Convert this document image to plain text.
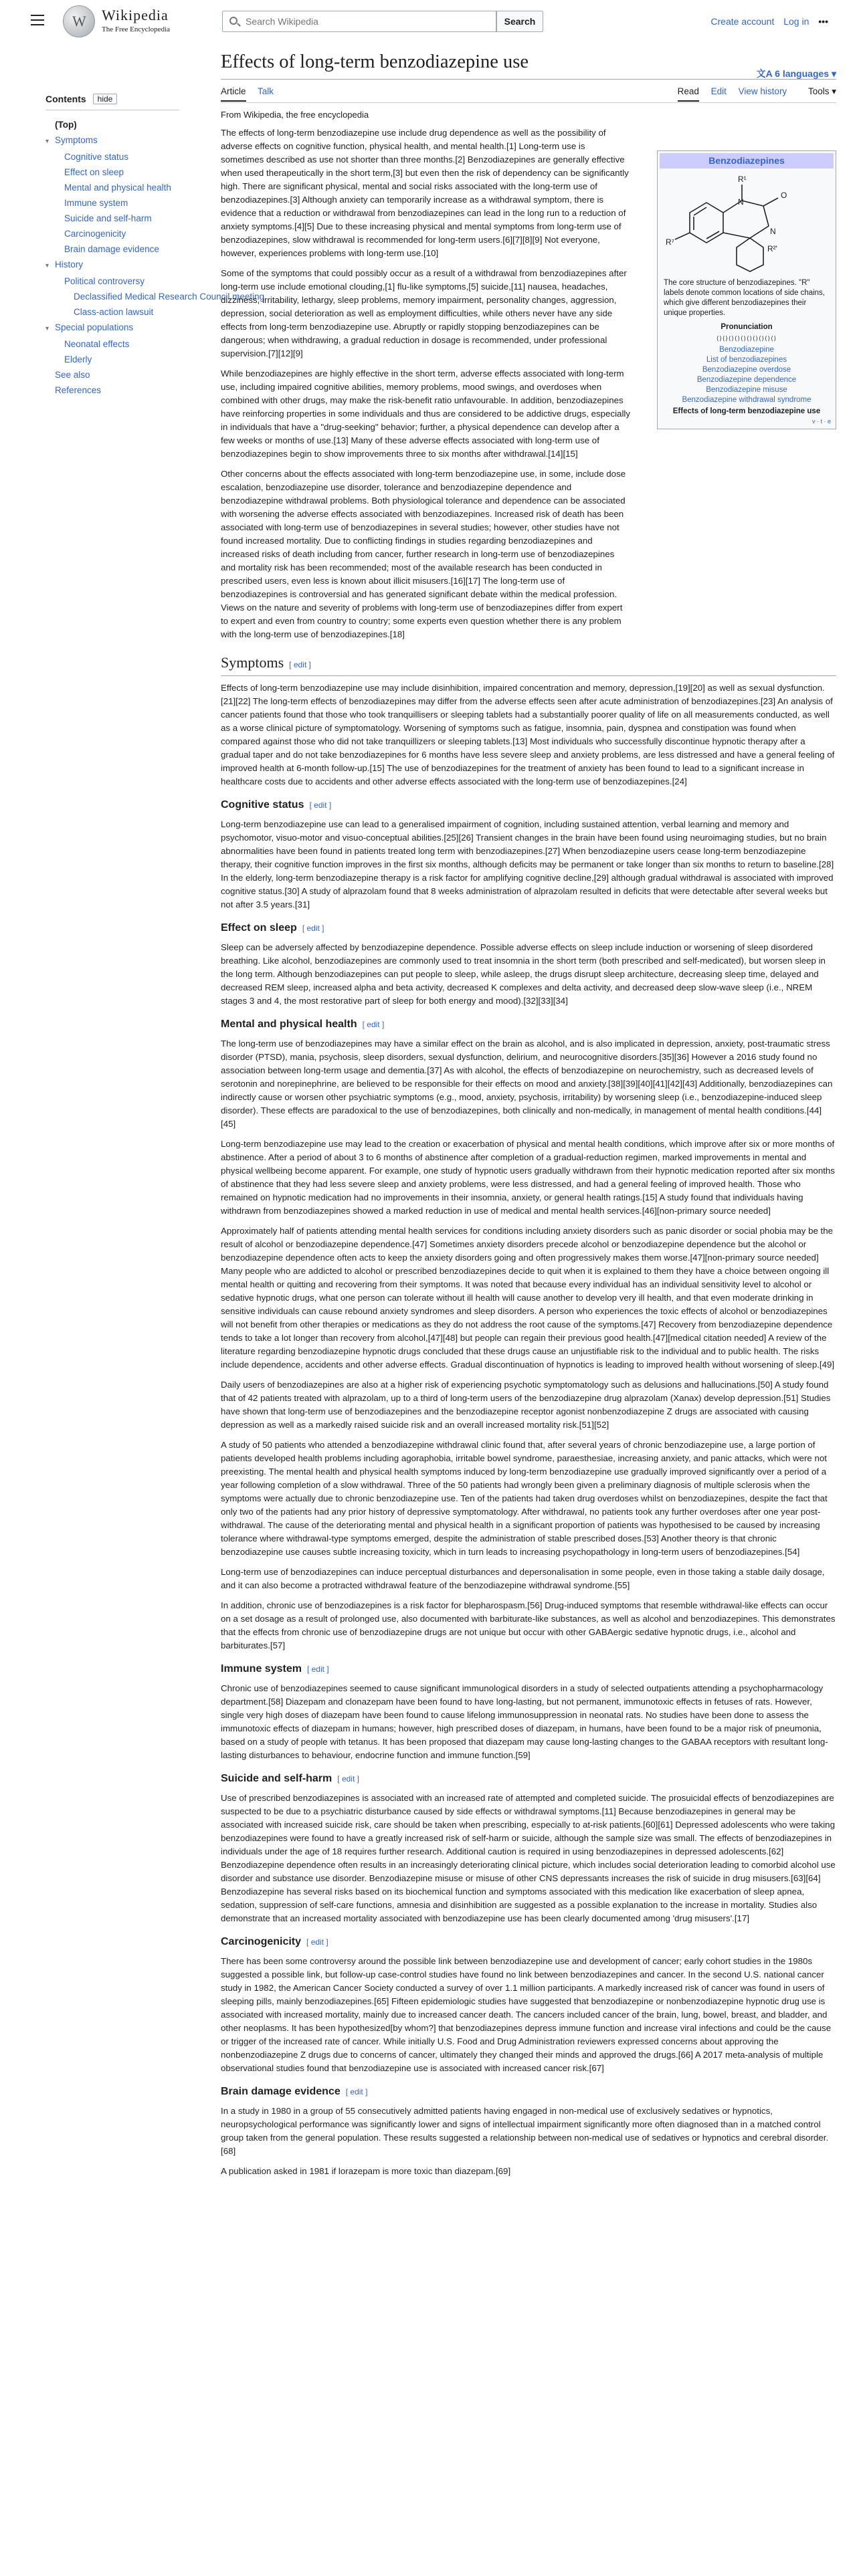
W
Wikipedia
The Free Encyclopedia
Search Wikipedia
Search	Create account Log in •••
Contents	hide
(Top)
▾ Symptoms
Cognitive status
Effect on sleep
Mental and physical health
Immune system
Suicide and self-harm
Carcinogenicity
Brain damage evidence
▾ History
Political controversy
Declassified Medical Research Council meeting
Class-action lawsuit
▾ Special populations
Neonatal effects
Elderly
See also
References
Effects of long-term benzodiazepine use
文A 6 languages ▾
Article Talk	Read Edit View history Tools ▾
From Wikipedia, the free encyclopedia

The effects of long-term benzodiazepine use include drug dependence as well as the possibility of adverse effects on cognitive function, physical health, and mental health.[1] Long-term use is sometimes described as use not shorter than three months.[2] Benzodiazepines are generally effective when used therapeutically in the short term,[3] but even then the risk of dependency can be significantly high. There are significant physical, mental and social risks associated with the long-term use of benzodiazepines.[3] Although anxiety can temporarily increase as a withdrawal symptom, there is evidence that a reduction or withdrawal from benzodiazepines can lead in the long run to a reduction of anxiety symptoms.[4][5] Due to these increasing physical and mental symptoms from long-term use of benzodiazepines, slow withdrawal is recommended for long-term users.[6][7][8][9] Not everyone, however, experiences problems with long-term use.[10]

Some of the symptoms that could possibly occur as a result of a withdrawal from benzodiazepines after long-term use include emotional clouding,[1] flu-like symptoms,[5] suicide,[11] nausea, headaches, dizziness, irritability, lethargy, sleep problems, memory impairment, personality changes, aggression, depression, social deterioration as well as employment difficulties, while others never have any side effects from long-term benzodiazepine use. Abruptly or rapidly stopping benzodiazepines can be dangerous; when withdrawing, a gradual reduction in dosage is recommended, under professional supervision.[7][12][9]

While benzodiazepines are highly effective in the short term, adverse effects associated with long-term use, including impaired cognitive abilities, memory problems, mood swings, and overdoses when combined with other drugs, may make the risk-benefit ratio unfavourable. In addition, benzodiazepines have reinforcing properties in some individuals and thus are considered to be addictive drugs, especially in individuals that have a "drug-seeking" behavior; further, a physical dependence can develop after a few weeks or months of use.[13] Many of these adverse effects associated with long-term use of benzodiazepines begin to show improvements three to six months after withdrawal.[14][15]

Other concerns about the effects associated with long-term benzodiazepine use, in some, include dose escalation, benzodiazepine use disorder, tolerance and benzodiazepine dependence and benzodiazepine withdrawal problems. Both physiological tolerance and dependence can be associated with worsening the adverse effects associated with benzodiazepines. Increased risk of death has been associated with long-term use of benzodiazepines in several studies; however, other studies have not found increased mortality. Due to conflicting findings in studies regarding benzodiazepines and increased risks of death including from cancer, further research in long-term use of benzodiazepines and mortality risk has been recommended; most of the available research has been conducted in prescribed users, even less is known about illicit misusers.[16][17] The long-term use of benzodiazepines is controversial and has generated significant debate within the medical profession. Views on the nature and severity of problems with long-term use of benzodiazepines differ from expert to expert and even from country to country; some experts even question whether there is any problem with the long-term use of benzodiazepines.[18]

Symptoms [ edit ]

Effects of long-term benzodiazepine use may include disinhibition, impaired concentration and memory, depression,[19][20] as well as sexual dysfunction.[21][22] The long-term effects of benzodiazepines may differ from the adverse effects seen after acute administration of benzodiazepines.[23] An analysis of cancer patients found that those who took tranquillisers or sleeping tablets had a substantially poorer quality of life on all measurements conducted, as well as a worse clinical picture of symptomatology. Worsening of symptoms such as fatigue, insomnia, pain, dyspnea and constipation was found when compared against those who did not take tranquillizers or sleeping tablets.[13] Most individuals who successfully discontinue hypnotic therapy after a gradual taper and do not take benzodiazepines for 6 months have less severe sleep and anxiety problems, are less distressed and have a general feeling of improved health at 6-month follow-up.[15] The use of benzodiazepines for the treatment of anxiety has been found to lead to a significant increase in healthcare costs due to accidents and other adverse effects associated with the long-term use of benzodiazepines.[24]

Cognitive status [ edit ]

Long-term benzodiazepine use can lead to a generalised impairment of cognition, including sustained attention, verbal learning and memory and psychomotor, visuo-motor and visuo-conceptual abilities.[25][26] Transient changes in the brain have been found using neuroimaging studies, but no brain abnormalities have been found in patients treated long term with benzodiazepines.[27] When benzodiazepine users cease long-term benzodiazepine therapy, their cognitive function improves in the first six months, although deficits may be permanent or take longer than six months to return to baseline.[28] In the elderly, long-term benzodiazepine therapy is a risk factor for amplifying cognitive decline,[29] although gradual withdrawal is associated with improved cognitive status.[30] A study of alprazolam found that 8 weeks administration of alprazolam resulted in deficits that were detectable after several weeks but not after 3.5 years.[31]

Effect on sleep [ edit ]

Sleep can be adversely affected by benzodiazepine dependence. Possible adverse effects on sleep include induction or worsening of sleep disordered breathing. Like alcohol, benzodiazepines are commonly used to treat insomnia in the short term (both prescribed and self-medicated), but worsen sleep in the long term. Although benzodiazepines can put people to sleep, while asleep, the drugs disrupt sleep architecture, decreasing sleep time, delayed and decreased REM sleep, increased alpha and beta activity, decreased K complexes and delta activity, and decreased deep slow-wave sleep (i.e., NREM stages 3 and 4, the most restorative part of sleep for both energy and mood).[32][33][34]

Mental and physical health [ edit ]

The long-term use of benzodiazepines may have a similar effect on the brain as alcohol, and is also implicated in depression, anxiety, post-traumatic stress disorder (PTSD), mania, psychosis, sleep disorders, sexual dysfunction, delirium, and neurocognitive disorders.[35][36] However a 2016 study found no association between long-term usage and dementia.[37] As with alcohol, the effects of benzodiazepine on neurochemistry, such as decreased levels of serotonin and norepinephrine, are believed to be responsible for their effects on mood and anxiety.[38][39][40][41][42][43] Additionally, benzodiazepines can indirectly cause or worsen other psychiatric symptoms (e.g., mood, anxiety, psychosis, irritability) by worsening sleep (i.e., benzodiazepine-induced sleep disorder). These effects are paradoxical to the use of benzodiazepines, both clinically and non-medically, in management of mental health conditions.[44][45]

Long-term benzodiazepine use may lead to the creation or exacerbation of physical and mental health conditions, which improve after six or more months of abstinence. After a period of about 3 to 6 months of abstinence after completion of a gradual-reduction regimen, marked improvements in mental and physical wellbeing become apparent. For example, one study of hypnotic users gradually withdrawn from their hypnotic medication reported after six months of abstinence that they had less severe sleep and anxiety problems, were less distressed, and had a general feeling of improved health. Those who remained on hypnotic medication had no improvements in their insomnia, anxiety, or general health ratings.[15] A study found that individuals having withdrawn from benzodiazepines showed a marked reduction in use of medical and mental health services.[46][non-primary source needed]

Approximately half of patients attending mental health services for conditions including anxiety disorders such as panic disorder or social phobia may be the result of alcohol or benzodiazepine dependence.[47] Sometimes anxiety disorders precede alcohol or benzodiazepine dependence but the alcohol or benzodiazepine dependence often acts to keep the anxiety disorders going and often progressively makes them worse.[47][non-primary source needed] Many people who are addicted to alcohol or prescribed benzodiazepines decide to quit when it is explained to them they have a choice between ongoing ill mental health or quitting and recovering from their symptoms. It was noted that because every individual has an individual sensitivity level to alcohol or sedative hypnotic drugs, what one person can tolerate without ill health will cause another to develop very ill health, and that even moderate drinking in sensitive individuals can cause rebound anxiety syndromes and sleep disorders. A person who experiences the toxic effects of alcohol or benzodiazepines will not benefit from other therapies or medications as they do not address the root cause of the symptoms.[47] Recovery from benzodiazepine dependence tends to take a lot longer than recovery from alcohol,[47][48] but people can regain their previous good health.[47][medical citation needed] A review of the literature regarding benzodiazepine hypnotic drugs concluded that these drugs cause an unjustifiable risk to the individual and to public health. The risks include dependence, accidents and other adverse effects. Gradual discontinuation of hypnotics is leading to improved health without worsening of sleep.[49]

Daily users of benzodiazepines are also at a higher risk of experiencing psychotic symptomatology such as delusions and hallucinations.[50] A study found that of 42 patients treated with alprazolam, up to a third of long-term users of the benzodiazepine drug alprazolam (Xanax) develop depression.[51] Studies have shown that long-term use of benzodiazepines and the benzodiazepine receptor agonist nonbenzodiazepine Z drugs are associated with causing depression as well as a markedly raised suicide risk and an overall increased mortality risk.[51][52]

A study of 50 patients who attended a benzodiazepine withdrawal clinic found that, after several years of chronic benzodiazepine use, a large portion of patients developed health problems including agoraphobia, irritable bowel syndrome, paraesthesiae, increasing anxiety, and panic attacks, which were not preexisting. The mental health and physical health symptoms induced by long-term benzodiazepine use gradually improved significantly over a period of a year following completion of a slow withdrawal. Three of the 50 patients had wrongly been given a preliminary diagnosis of multiple sclerosis when the symptoms were actually due to chronic benzodiazepine use. Ten of the patients had taken drug overdoses whilst on benzodiazepines, despite the fact that only two of the patients had any prior history of depressive symptomatology. After withdrawal, no patients took any further overdoses after one year post-withdrawal. The cause of the deteriorating mental and physical health in a significant proportion of patients was hypothesised to be caused by increasing tolerance where withdrawal-type symptoms emerged, despite the administration of stable prescribed doses.[53] Another theory is that chronic benzodiazepine use causes subtle increasing toxicity, which in turn leads to increasing psychopathology in long-term users of benzodiazepines.[54]

Long-term use of benzodiazepines can induce perceptual disturbances and depersonalisation in some people, even in those taking a stable daily dosage, and it can also become a protracted withdrawal feature of the benzodiazepine withdrawal syndrome.[55]

In addition, chronic use of benzodiazepines is a risk factor for blepharospasm.[56] Drug-induced symptoms that resemble withdrawal-like effects can occur on a set dosage as a result of prolonged use, also documented with barbiturate-like substances, as well as alcohol and benzodiazepines. This demonstrates that the effects from chronic use of benzodiazepine drugs are not unique but occur with other GABAergic sedative hypnotic drugs, i.e., alcohol and barbiturates.[57]

Immune system [ edit ]

Chronic use of benzodiazepines seemed to cause significant immunological disorders in a study of selected outpatients attending a psychopharmacology department.[58] Diazepam and clonazepam have been found to have long-lasting, but not permanent, immunotoxic effects in fetuses of rats. However, single very high doses of diazepam have been found to cause lifelong immunosuppression in neonatal rats. No studies have been done to assess the immunotoxic effects of diazepam in humans; however, high prescribed doses of diazepam, in humans, have been found to be a major risk of pneumonia, based on a study of people with tetanus. It has been proposed that diazepam may cause long-lasting changes to the GABAA receptors with resultant long-lasting disturbances to behaviour, endocrine function and immune function.[59]

Suicide and self-harm [ edit ]

Use of prescribed benzodiazepines is associated with an increased rate of attempted and completed suicide. The prosuicidal effects of benzodiazepines are suspected to be due to a psychiatric disturbance caused by side effects or withdrawal symptoms.[11] Because benzodiazepines in general may be associated with increased suicide risk, care should be taken when prescribing, especially to at-risk patients.[60][61] Depressed adolescents who were taking benzodiazepines were found to have a greatly increased risk of self-harm or suicide, although the sample size was small. The effects of benzodiazepines in individuals under the age of 18 requires further research. Additional caution is required in using benzodiazepines in depressed adolescents.[62] Benzodiazepine dependence often results in an increasingly deteriorating clinical picture, which includes social deterioration leading to comorbid alcohol use disorder and substance use disorder. Benzodiazepine misuse or misuse of other CNS depressants increases the risk of suicide in drug misusers.[63][64] Benzodiazepine has several risks based on its biochemical function and symptoms associated with this medication like exacerbation of sleep apnea, sedation, suppression of self-care functions, amnesia and disinhibition are suggested as a possible explanation to the increase in mortality. Studies also demonstrate that an increased mortality associated with benzodiazepine use has been clearly documented among 'drug misusers'.[17]

Carcinogenicity [ edit ]

There has been some controversy around the possible link between benzodiazepine use and development of cancer; early cohort studies in the 1980s suggested a possible link, but follow-up case-control studies have found no link between benzodiazepines and cancer. In the second U.S. national cancer study in 1982, the American Cancer Society conducted a survey of over 1.1 million participants. A markedly increased risk of cancer was found in users of sleeping pills, mainly benzodiazepines.[65] Fifteen epidemiologic studies have suggested that benzodiazepine or nonbenzodiazepine hypnotic drug use is associated with increased mortality, mainly due to increased cancer death. The cancers included cancer of the brain, lung, bowel, breast, and bladder, and other neoplasms. It has been hypothesized[by whom?] that benzodiazepines depress immune function and increase viral infections and could be the cause or trigger of the increased rate of cancer. While initially U.S. Food and Drug Administration reviewers expressed concerns about approving the nonbenzodiazepine Z drugs due to concerns of cancer, ultimately they changed their minds and approved the drugs.[66] A 2017 meta-analysis of multiple observational studies found that benzodiazepine use is associated with increased cancer risk.[67]

Brain damage evidence [ edit ]

In a study in 1980 in a group of 55 consecutively admitted patients having engaged in non-medical use of exclusively sedatives or hypnotics, neuropsychological performance was significantly lower and signs of intellectual impairment significantly more often diagnosed than in a matched control group taken from the general population. These results suggested a relationship between non-medical use of sedatives or hypnotics and cerebral disorder.[68]

A publication asked in 1981 if lorazepam is more toxic than diazepam.[69]

Benzodiazepines
R¹
O
N
N
R⁷
R²'
The core structure of benzodiazepines. "R" labels denote common locations of side chains, which give different benzodiazepines their unique properties.
Pronunciation
⟨⟩⟨⟩⟨⟩⟨⟩⟨⟩⟨⟩⟨⟩⟨⟩⟨⟩⟨⟩
Benzodiazepine
List of benzodiazepines
Benzodiazepine overdose
Benzodiazepine dependence
Benzodiazepine misuse
Benzodiazepine withdrawal syndrome
Effects of long-term benzodiazepine use
v · t · e
